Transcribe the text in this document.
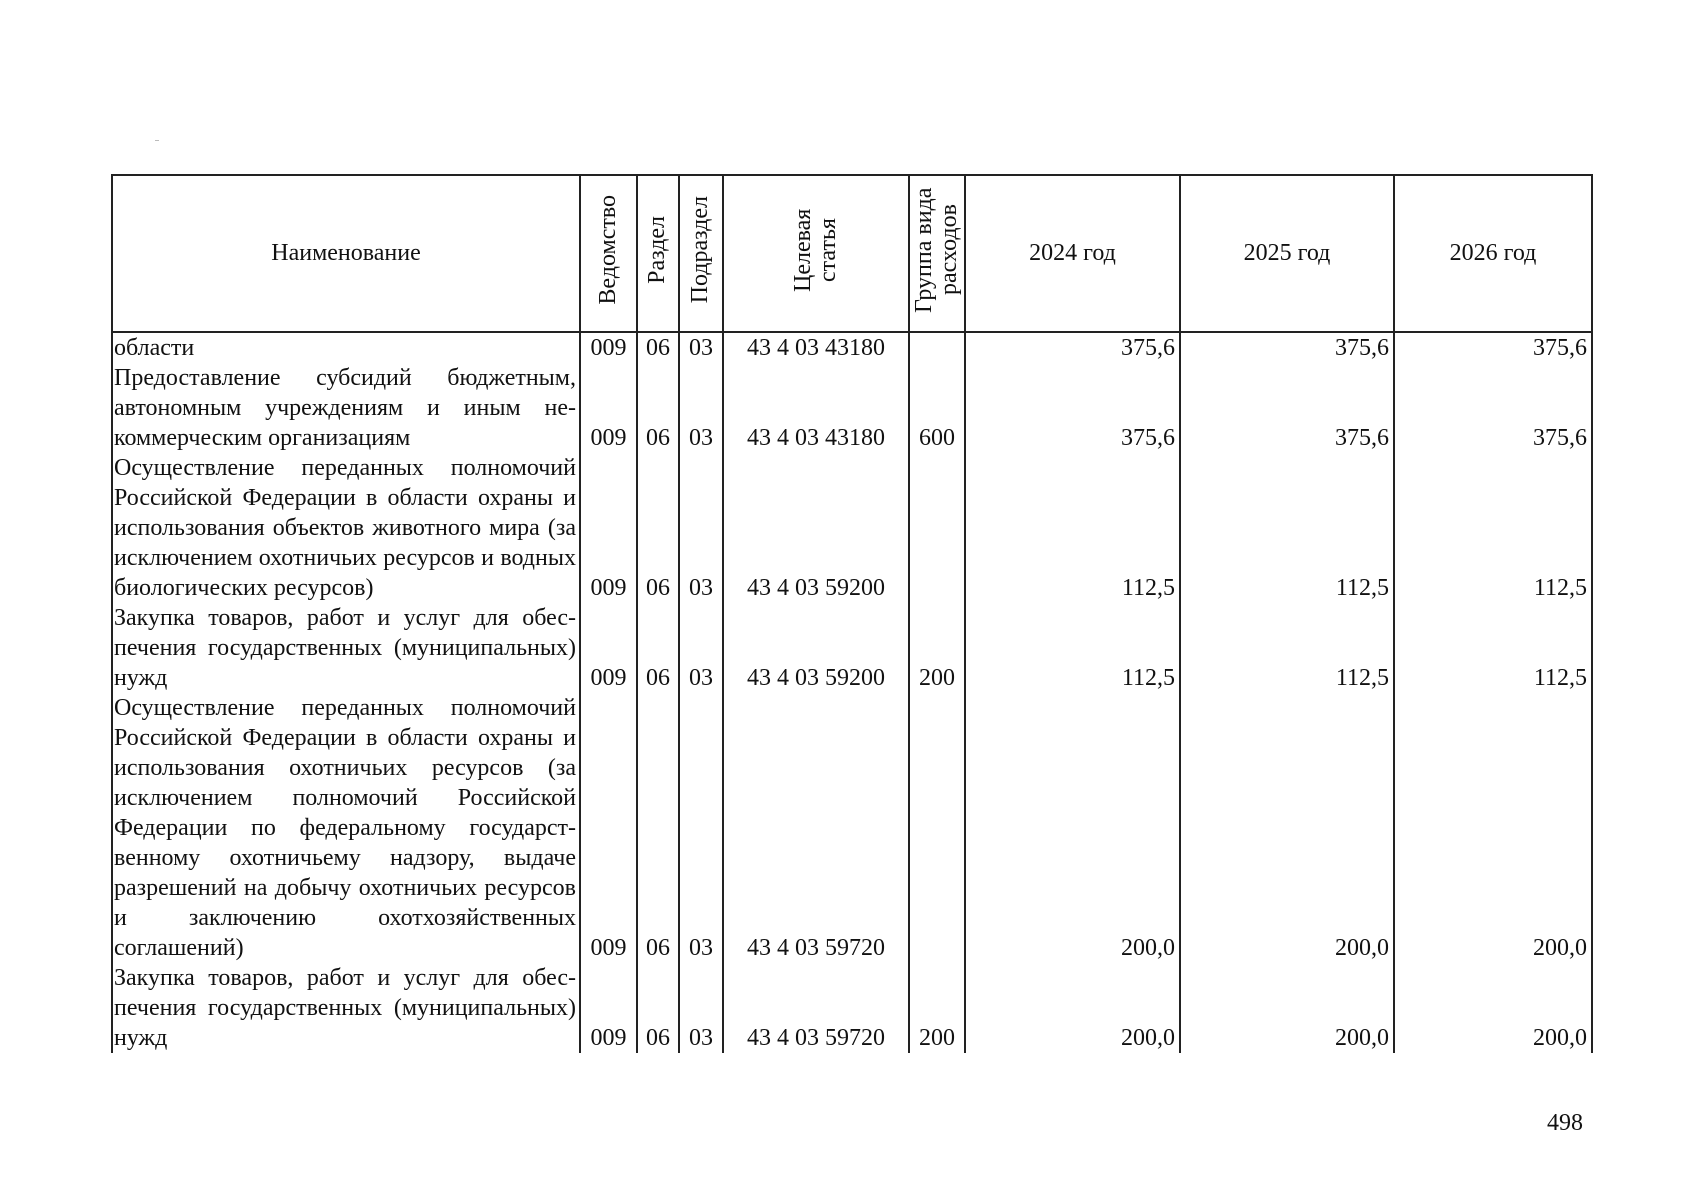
Наименование	Ведомство	Раздел	Подраздел	Целевая статья	Группа вида расходов	2024 год	2025 год	2026 год
области	009	06	03	43 4 03 43180		375,6	375,6	375,6
Предоставление субсидий бюджетным, автономным учреждениям и иным некоммерческим организациям	009	06	03	43 4 03 43180	600	375,6	375,6	375,6
Осуществление переданных полномочий Российской Федерации в области охраны и использования объектов животного мира (за исключением охотничьих ресурсов и водных биологических ресурсов)	009	06	03	43 4 03 59200		112,5	112,5	112,5
Закупка товаров, работ и услуг для обеспечения государственных (муниципальных) нужд	009	06	03	43 4 03 59200	200	112,5	112,5	112,5
Осуществление переданных полномочий Российской Федерации в области охраны и использования охотничьих ресурсов (за исключением полномочий Российской Федерации по федеральному государственному охотничьему надзору, выдаче разрешений на добычу охотничьих ресурсов и заключению охотхозяйственных соглашений)	009	06	03	43 4 03 59720		200,0	200,0	200,0
Закупка товаров, работ и услуг для обеспечения государственных (муниципальных) нужд	009	06	03	43 4 03 59720	200	200,0	200,0	200,0
498
